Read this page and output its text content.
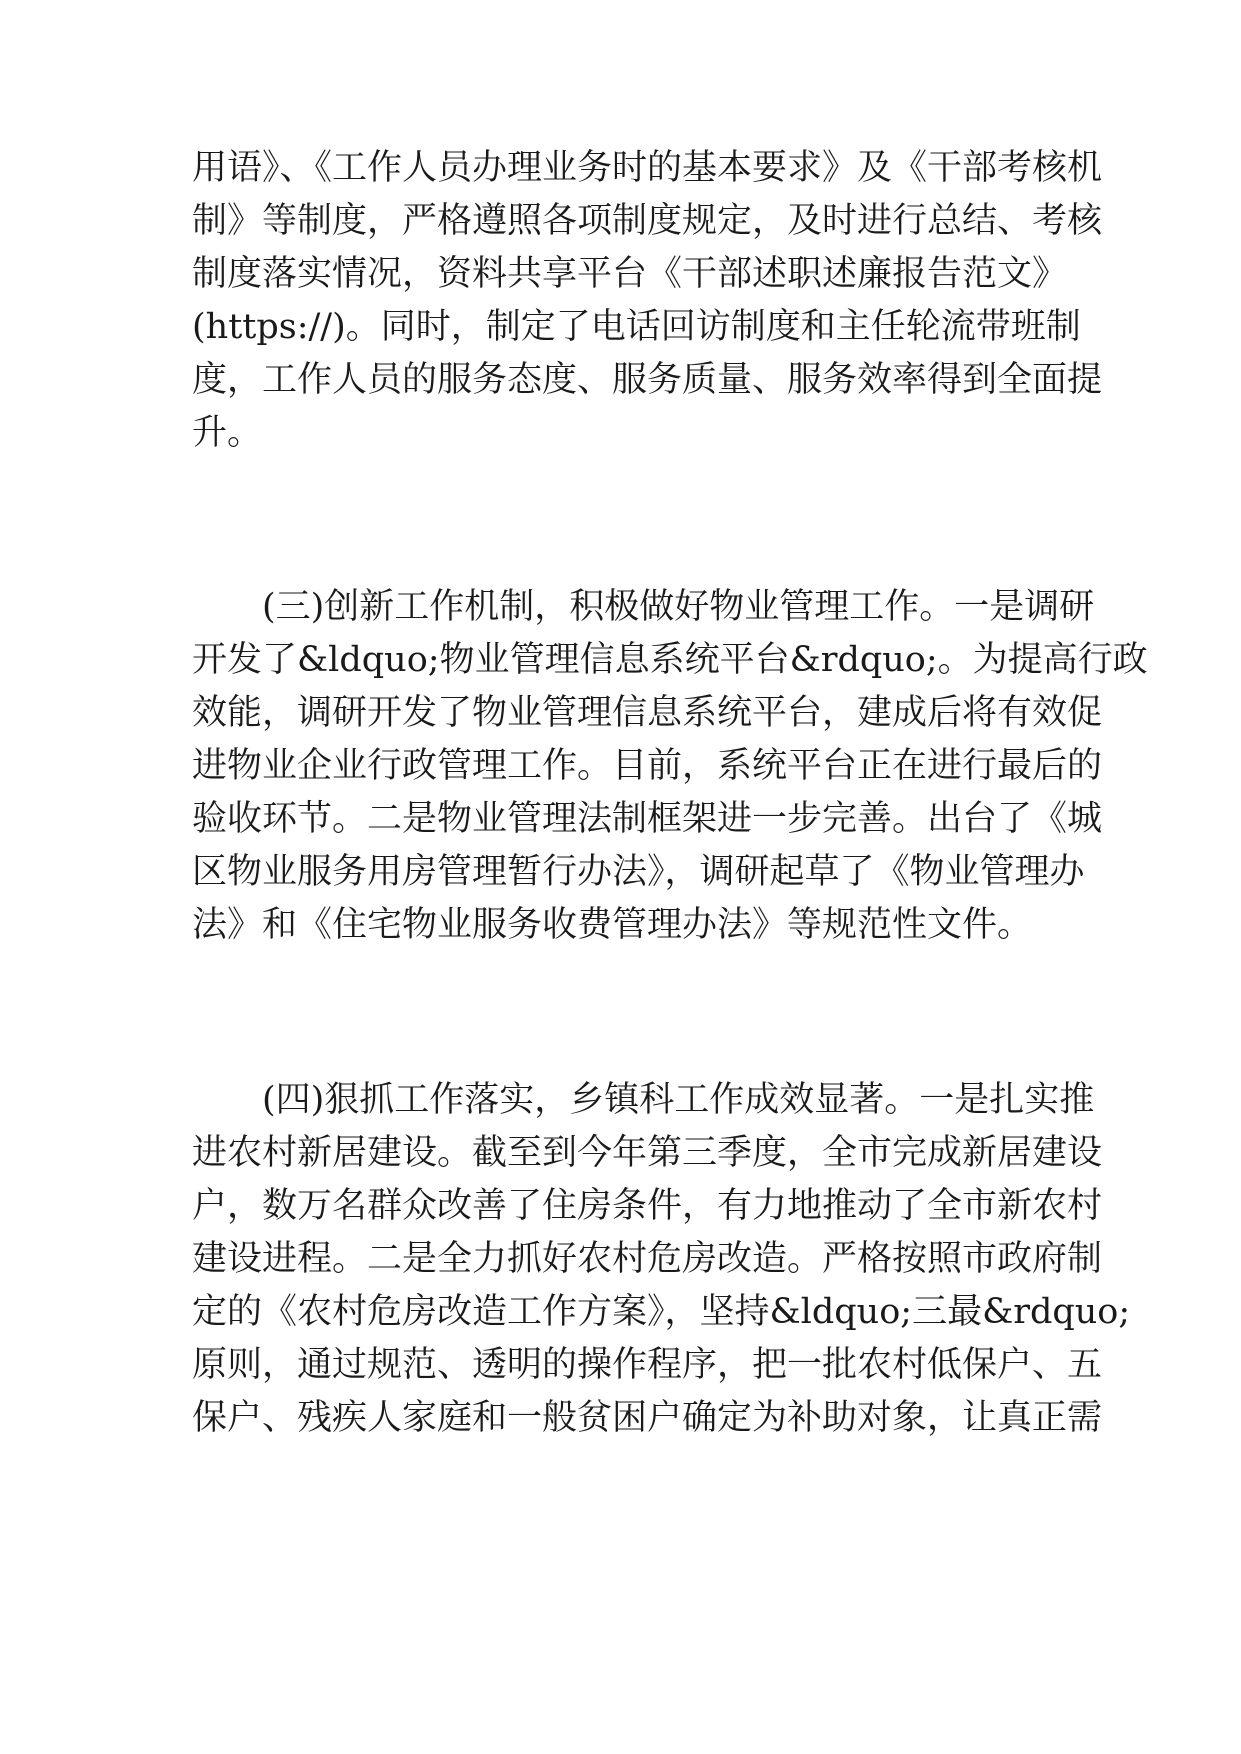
用语》、《工作人员办理业务时的基本要求》及《干部考核机
制》等制度，严格遵照各项制度规定，及时进行总结、考核
制度落实情况，资料共享平台《干部述职述廉报告范文》
(https://)。同时，制定了电话回访制度和主任轮流带班制
度，工作人员的服务态度、服务质量、服务效率得到全面提
升。
(三)创新工作机制，积极做好物业管理工作。一是调研
开发了&ldquo;物业管理信息系统平台&rdquo;。为提高行政
效能，调研开发了物业管理信息系统平台，建成后将有效促
进物业企业行政管理工作。目前，系统平台正在进行最后的
验收环节。二是物业管理法制框架进一步完善。出台了《城
区物业服务用房管理暂行办法》，调研起草了《物业管理办
法》和《住宅物业服务收费管理办法》等规范性文件。
(四)狠抓工作落实，乡镇科工作成效显著。一是扎实推
进农村新居建设。截至到今年第三季度，全市完成新居建设
户，数万名群众改善了住房条件，有力地推动了全市新农村
建设进程。二是全力抓好农村危房改造。严格按照市政府制
定的《农村危房改造工作方案》，坚持&ldquo;三最&rdquo;
原则，通过规范、透明的操作程序，把一批农村低保户、五
保户、残疾人家庭和一般贫困户确定为补助对象，让真正需
